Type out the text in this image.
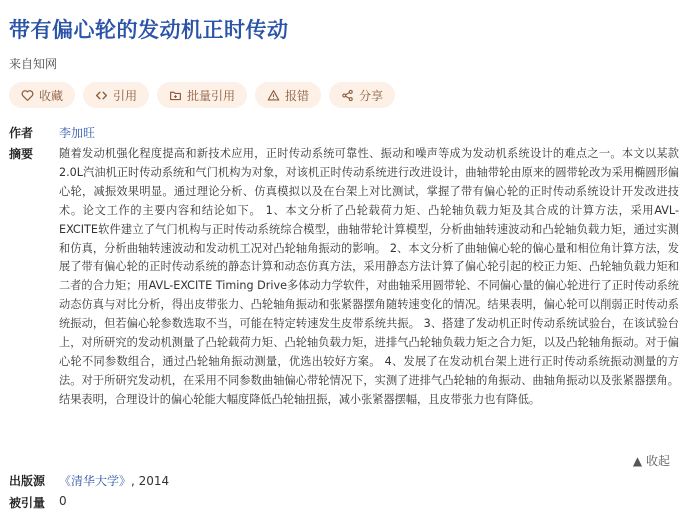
带有偏心轮的发动机正时传动
来自知网
收藏	引用	批量引用	报错	分享
作者 李加旺
摘要 随着发动机强化程度提高和新技术应用，正时传动系统可靠性、振动和噪声等成为发动机系统设计的难点之一。本文以某款2.0L汽油机正时传动系统和气门机构为对象，对该机正时传动系统进行改进设计，曲轴带轮由原来的圆带轮改为采用椭圆形偏心轮，减振效果明显。通过理论分析、仿真模拟以及在台架上对比测试，掌握了带有偏心轮的正时传动系统设计开发改进技术。论文工作的主要内容和结论如下。 1、本文分析了凸轮载荷力矩、凸轮轴负载力矩及其合成的计算方法，采用AVL-EXCITE软件建立了气门机构与正时传动系统综合模型，曲轴带轮计算模型，分析曲轴转速波动和凸轮轴负载力矩，通过实测和仿真，分析曲轴转速波动和发动机工况对凸轮轴角振动的影响。 2、本文分析了曲轴偏心轮的偏心量和相位角计算方法，发展了带有偏心轮的正时传动系统的静态计算和动态仿真方法，采用静态方法计算了偏心轮引起的校正力矩、凸轮轴负载力矩和二者的合力矩；用AVL-EXCITE Timing Drive多体动力学软件，对曲轴采用圆带轮、不同偏心量的偏心轮进行了正时传动系统动态仿真与对比分析，得出皮带张力、凸轮轴角振动和张紧器摆角随转速变化的情况。结果表明，偏心轮可以削弱正时传动系统振动，但若偏心轮参数选取不当，可能在特定转速发生皮带系统共振。 3、搭建了发动机正时传动系统试验台，在该试验台上，对所研究的发动机测量了凸轮载荷力矩、凸轮轴负载力矩，进排气凸轮轴负载力矩之合力矩，以及凸轮轴角振动。对于偏心轮不同参数组合，通过凸轮轴角振动测量，优选出较好方案。 4、发展了在发动机台架上进行正时传动系统振动测量的方法。对于所研究发动机，在采用不同参数曲轴偏心带轮情况下，实测了进排气凸轮轴的角振动、曲轴角振动以及张紧器摆角。结果表明，合理设计的偏心轮能大幅度降低凸轮轴扭振，减小张紧器摆幅，且皮带张力也有降低。
▲ 收起
出版源 《清华大学》, 2014
被引量 0
